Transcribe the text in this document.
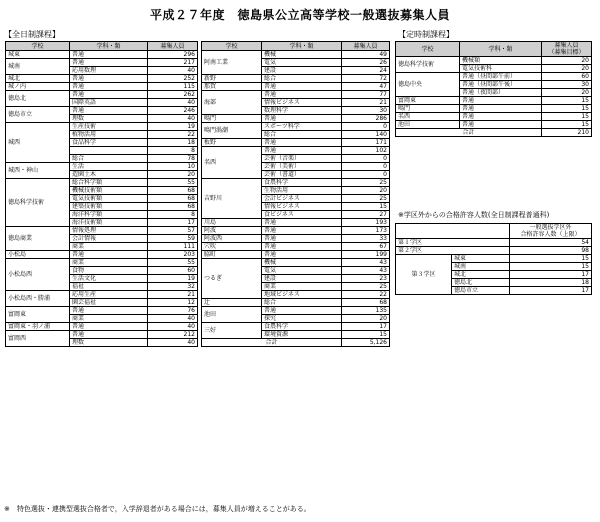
平成２７年度　徳島県公立高等学校一般選抜募集人員
【全日制課程】	【定時制課程】
学校	学科・類	募集人員
城東	普通	296
城南	普通	217
	応用数理	40
城北	普通	252
城ノ内	普通	115
徳島北	普通	262
	国際英語	40
徳島市立	普通	246
	理数	40
城西	生産技術	19
	植物活用	22
	食品科学	18
		8
	総合	78
城西・神山	生活	10
	造園土木	20
徳島科学技術	総合科学類	55
	機械技術類	68
	電気技術類	68
	建築技術類	68
	海洋科学類	8
	海洋技術類	17
徳島商業	情報処理	57
	会計情報	59
	商業	111
小松島	普通	203
小松島西	商業	55
	食物	60
	生活文化	19
	福祉	32
小松島西・勝浦	応用生産	21
	園芸福祉	12
富岡東	普通	76
	商業	40
富岡東・羽ノ浦	普通	40
富岡西	普通	212
	理数	40
学校	学科・類	募集人員
阿南工業	機械	49
	電気	26
	建設	24
新野	総合	72
那賀	普通	47
海部	普通	77
	情報ビジネス	21
	数理科学	30
鳴門	普通	286
鳴門渦潮	スポーツ科学	0
	総合	140
板野	普通	171
名西	普通	102
	芸術（音楽）	0
	芸術（美術）	0
	芸術（書道）	0
吉野川	食農科学	25
	生物活用	20
	会計ビジネス	25
	情報ビジネス	15
	食ビジネス	27
川島	普通	193
阿波	普通	173
阿波西	普通	33
穴吹	普通	67
脇町	普通	199
つるぎ	機械	43
	電気	43
	建設	23
	商業	25
	地域ビジネス	22
辻	総合	68
池田	普通	135
	探究	20
三好	食農科学	17
	環境資源	15
合計		5,126
学校	学科・類	募集人員
（募集目標）
徳島科学技術	機械類	20
	電気技術科	20
徳島中央	普通（昼間部午前）	60
	普通（昼間部午後）	30
	普通（夜間部）	20
富岡東	普通	15
鳴門	普通	15
名西	普通	15
池田	普通	15
合計		210
※学区外からの合格許容人数(全日制課程普通科)
		一般選抜学区外
合格許容人数（上限）
第１学区		54
第２学区		98
第３学区	城東	15
	城南	15
	城北	17
	徳島北	18
	徳島市立	17
※　特色選抜・連携型選抜合格者で，入学辞退者がある場合には，募集人員が増えることがある。
